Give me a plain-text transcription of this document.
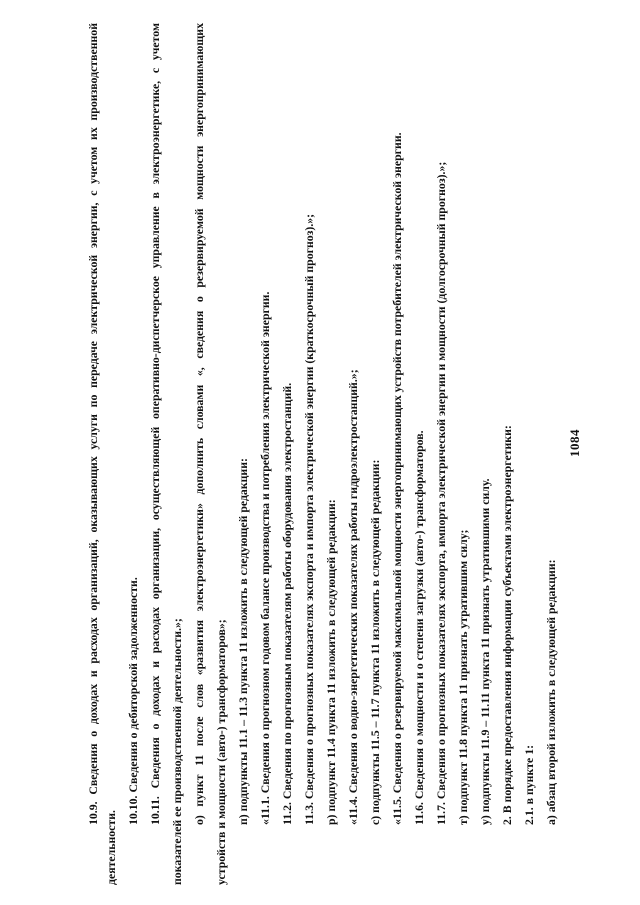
1084
10.9. Сведения о доходах и расходах организаций, оказывающих услуги по передаче электрической энергии, с учетом их производственной
деятельности.
10.10. Сведения о дебиторской задолженности. 10.11. Сведения о доходах и расходах организации, осуществляющей оперативно-диспетчерское управление в электроэнергетике, с учетом показателей ее производственной деятельности.»; о) пункт 11 после слов «развития электроэнергетики» дополнить словами «, сведения о резервируемой мощности энергопринимающих устройств и мощности (авто-) трансформаторов»; п) подпункты 11.1 – 11.3 пункта 11 изложить в следующей редакции: «11.1. Сведения о прогнозном годовом балансе производства и потребления электрической энергии. 11.2. Сведения по прогнозным показателям работы оборудования электростанций. 11.3. Сведения о прогнозных показателях экспорта и импорта электрической энергии (краткосрочный прогноз).»; р) подпункт 11.4 пункта 11 изложить в следующей редакции: «11.4. Сведения о водно-энергетических показателях работы гидроэлектростанций.»; с) подпункты 11.5 – 11.7 пункта 11 изложить в следующей редакции: «11.5. Сведения о резервируемой максимальной мощности энергопринимающих устройств потребителей электрической энергии. 11.6. Сведения о мощности и о степени загрузки (авто-) трансформаторов. 11.7. Сведения о прогнозных показателях экспорта, импорта электрической энергии и мощности (долгосрочный прогноз).»; т) подпункт 11.8 пункта 11 признать утратившим силу; у) подпункты 11.9 – 11.11 пункта 11 признать утратившими силу. 2. В порядке предоставления информации субъектами электроэнергетики: 2.1. в пункте 1: а) абзац второй изложить в следующей редакции:
